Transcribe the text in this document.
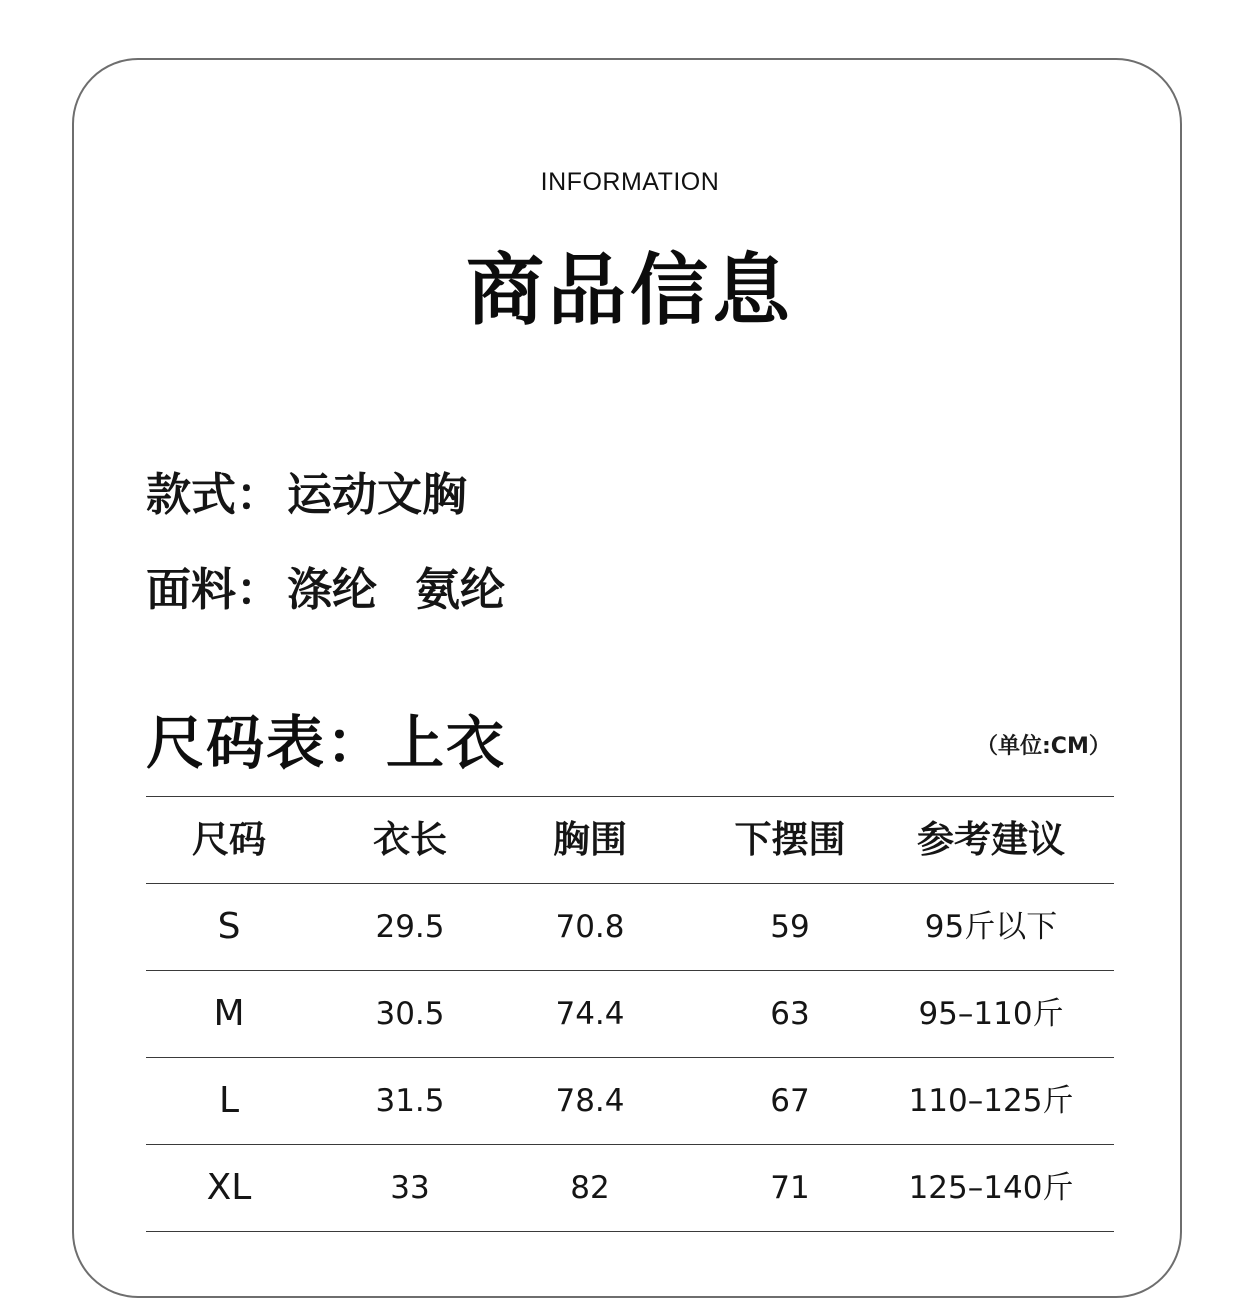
INFORMATION
商品信息
款式： 运动文胸
面料： 涤纶 氨纶
尺码表：上衣	（单位:CM）
尺码	衣长	胸围	下摆围	参考建议
S	29.5	70.8	59	95斤以下
M	30.5	74.4	63	95–110斤
L	31.5	78.4	67	110–125斤
XL	33	82	71	125–140斤
